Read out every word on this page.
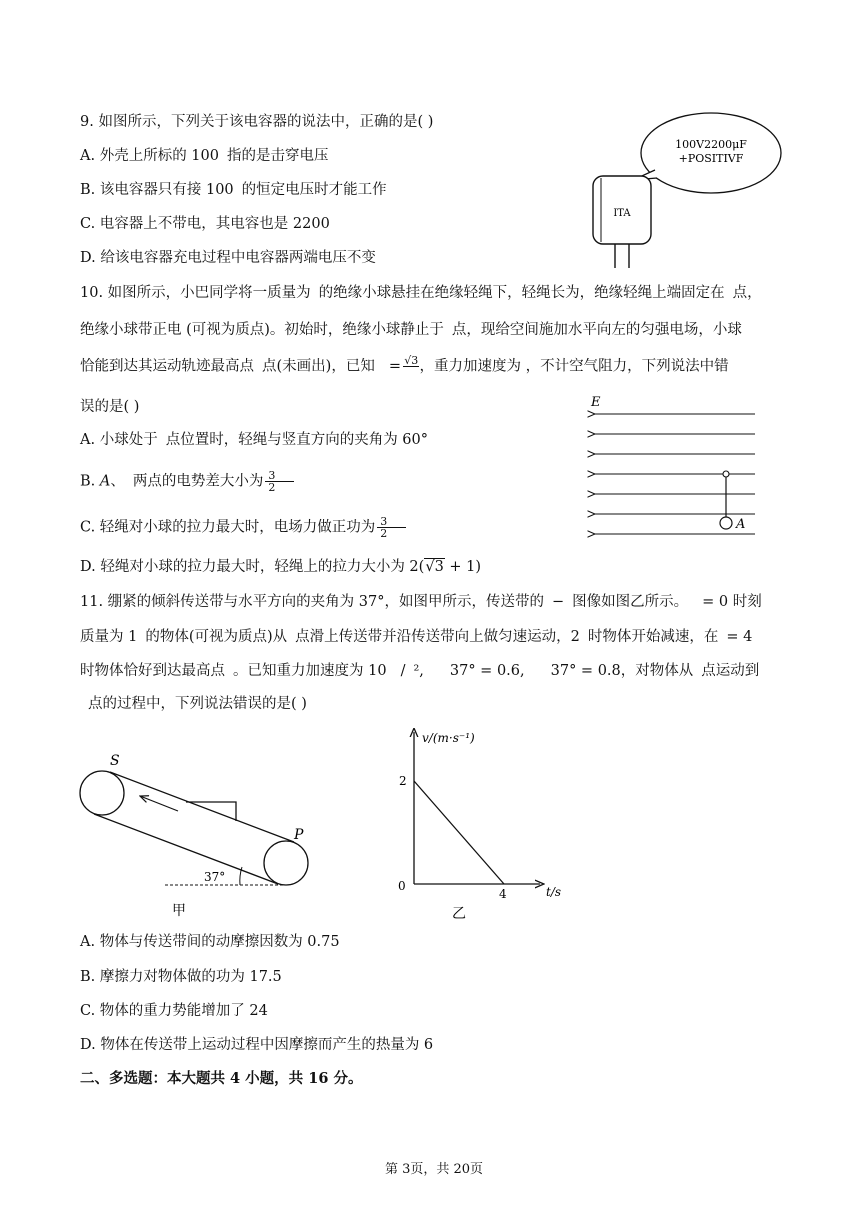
9. 如图所示，下列关于该电容器的说法中，正确的是( )
A. 外壳上所标的 100 指的是击穿电压
B. 该电容器只有接 100 的恒定电压时才能工作
C. 电容器上不带电，其电容也是 2200
D. 给该电容器充电过程中电容器两端电压不变
100V2200μF
+POSITIVF
ITA
10. 如图所示，小巴同学将一质量为 的绝缘小球悬挂在绝缘轻绳下，轻绳长为，绝缘轻绳上端固定在 点，
绝缘小球带正电 (可视为质点)。初始时，绝缘小球静止于 点，现给空间施加水平向左的匀强电场，小球
恰能到达其运动轨迹最高点 点(未画出)，已知 = √3
，重力加速度为 ，不计空气阻力，下列说法中错
误的是( )
A. 小球处于 点位置时，轻绳与竖直方向的夹角为 60°
B. A、 两点的电势差大小为 $\frac{3}{2}$
C. 轻绳对小球的拉力最大时，电场力做正功为 $\frac{3}{2}$
D. 轻绳对小球的拉力最大时，轻绳上的拉力大小为 2(√3 + 1)
E
A
11. 绷紧的倾斜传送带与水平方向的夹角为 37°，如图甲所示，传送带的 − 图像如图乙所示。 = 0 时刻
质量为 1 的物体(可视为质点)从 点滑上传送带并沿传送带向上做匀速运动，2 时物体开始减速，在 = 4
时物体恰好到达最高点 。已知重力加速度为 10 / ², 37° = 0.6, 37° = 0.8，对物体从 点运动到
点的过程中，下列说法错误的是( )
S
P
37°
甲
v/(m·s⁻¹)
t/s
0
2
4
乙
A. 物体与传送带间的动摩擦因数为 0.75
B. 摩擦力对物体做的功为 17.5
C. 物体的重力势能增加了 24
D. 物体在传送带上运动过程中因摩擦而产生的热量为 6
二、多选题：本大题共 4 小题，共 16 分。
第 3页，共 20页
